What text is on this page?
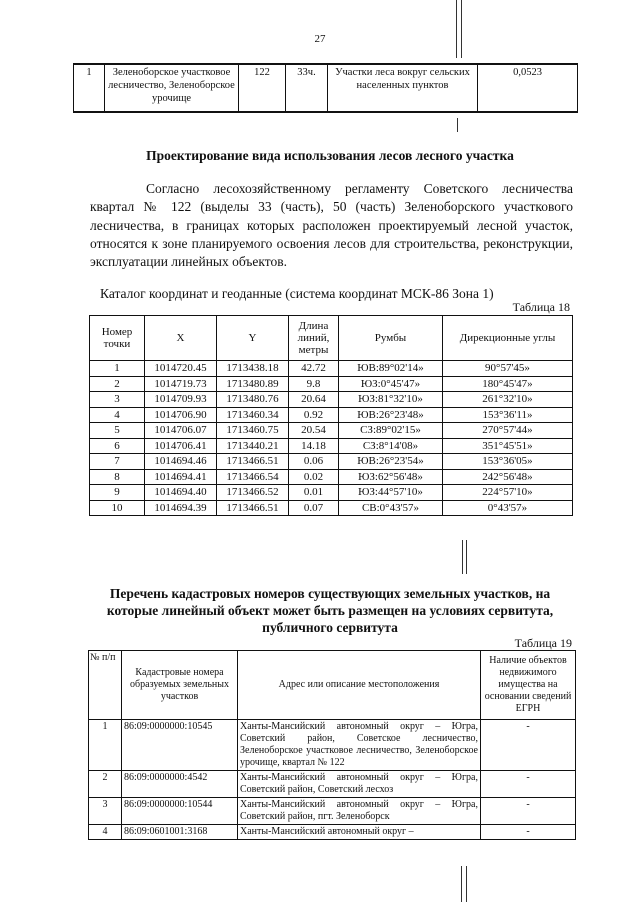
27
1	Зеленоборское участковое лесничество, Зеленоборское урочище	122	33ч.	Участки леса вокруг сельских населенных пунктов	0,0523
Проектирование вида использования лесов лесного участка
Согласно лесохозяйственному регламенту Советского лесничества квартал № 122 (выделы 33 (часть), 50 (часть) Зеленоборского участкового лесничества, в границах которых расположен проектируемый лесной участок, относятся к зоне планируемого освоения лесов для строительства, реконструкции, эксплуатации линейных объектов.
Каталог координат и геоданные (система координат МСК-86 Зона 1)
Таблица 18
Номер точки	X	Y	Длина линий, метры	Румбы	Дирекционные углы
1	1014720.45	1713438.18	42.72	ЮВ:89°02'14»	90°57'45»
2	1014719.73	1713480.89	9.8	ЮЗ:0°45'47»	180°45'47»
3	1014709.93	1713480.76	20.64	ЮЗ:81°32'10»	261°32'10»
4	1014706.90	1713460.34	0.92	ЮВ:26°23'48»	153°36'11»
5	1014706.07	1713460.75	20.54	СЗ:89°02'15»	270°57'44»
6	1014706.41	1713440.21	14.18	СЗ:8°14'08»	351°45'51»
7	1014694.46	1713466.51	0.06	ЮВ:26°23'54»	153°36'05»
8	1014694.41	1713466.54	0.02	ЮЗ:62°56'48»	242°56'48»
9	1014694.40	1713466.52	0.01	ЮЗ:44°57'10»	224°57'10»
10	1014694.39	1713466.51	0.07	СВ:0°43'57»	0°43'57»
Перечень кадастровых номеров существующих земельных участков, на
которые линейный объект может быть размещен на условиях сервитута,
публичного сервитута
Таблица 19
№ п/п	Кадастровые номера образуемых земельных участков	Адрес или описание местоположения	Наличие объектов недвижимого имущества на основании сведений ЕГРН
1	86:09:0000000:10545	Ханты-Мансийский автономный округ – Югра, Советский район, Советское лесничество, Зеленоборское участковое лесничество, Зеленоборское урочище, квартал № 122	-
2	86:09:0000000:4542	Ханты-Мансийский автономный округ – Югра, Советский район, Советский лесхоз	-
3	86:09:0000000:10544	Ханты-Мансийский автономный округ – Югра, Советский район, пгт. Зеленоборск	-
4	86:09:0601001:3168	Ханты-Мансийский автономный округ –	-
